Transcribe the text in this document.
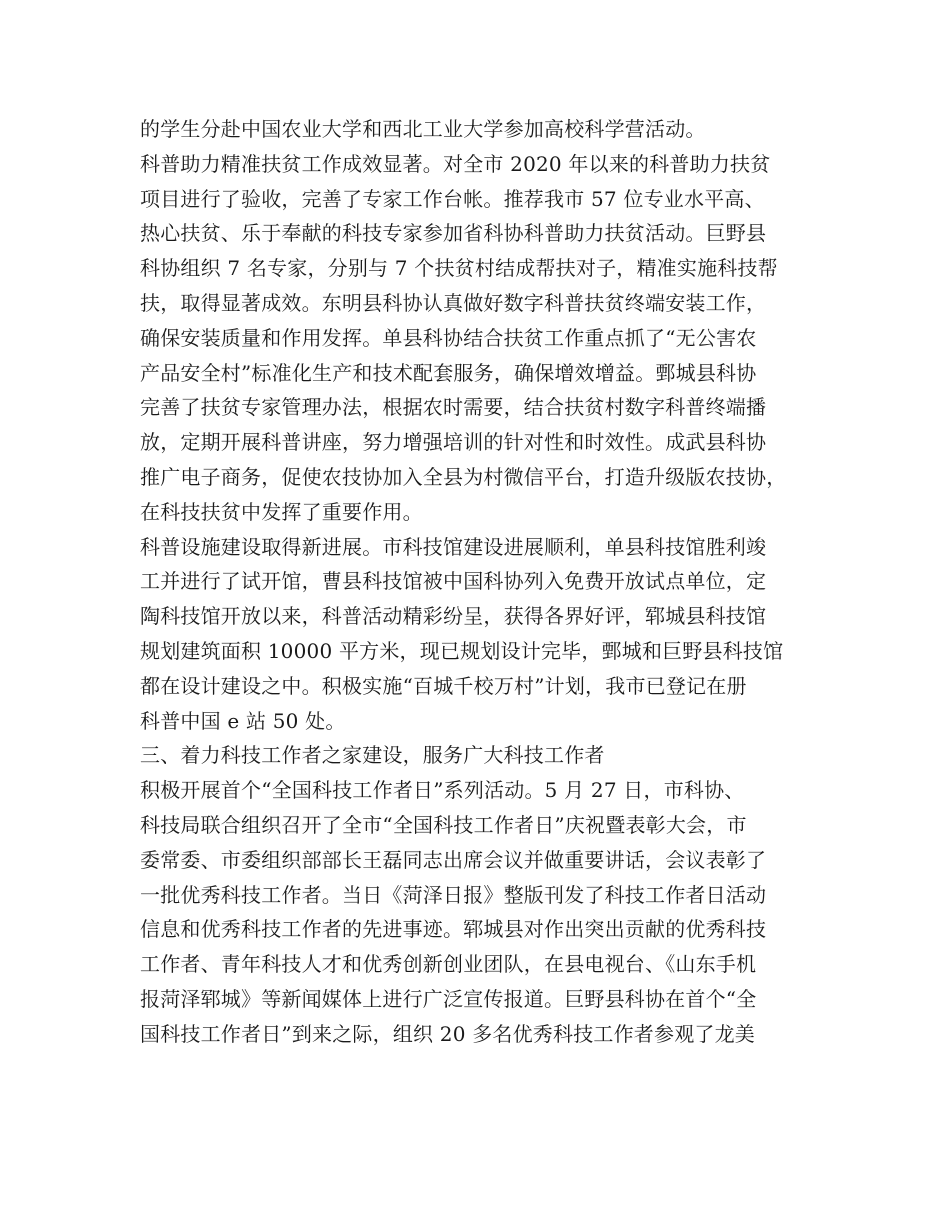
的学生分赴中国农业大学和西北工业大学参加高校科学营活动。
科普助力精准扶贫工作成效显著。对全市 2020 年以来的科普助力扶贫
项目进行了验收，完善了专家工作台帐。推荐我市 57 位专业水平高、
热心扶贫、乐于奉献的科技专家参加省科协科普助力扶贫活动。巨野县
科协组织 7 名专家，分别与 7 个扶贫村结成帮扶对子，精准实施科技帮
扶，取得显著成效。东明县科协认真做好数字科普扶贫终端安装工作，
确保安装质量和作用发挥。单县科协结合扶贫工作重点抓了“无公害农
产品安全村”标准化生产和技术配套服务，确保增效增益。鄄城县科协
完善了扶贫专家管理办法，根据农时需要，结合扶贫村数字科普终端播
放，定期开展科普讲座，努力增强培训的针对性和时效性。成武县科协
推广电子商务，促使农技协加入全县为村微信平台，打造升级版农技协，
在科技扶贫中发挥了重要作用。
科普设施建设取得新进展。市科技馆建设进展顺利，单县科技馆胜利竣
工并进行了试开馆，曹县科技馆被中国科协列入免费开放试点单位，定
陶科技馆开放以来，科普活动精彩纷呈，获得各界好评，郓城县科技馆
规划建筑面积 10000 平方米，现已规划设计完毕，鄄城和巨野县科技馆
都在设计建设之中。积极实施“百城千校万村”计划，我市已登记在册
科普中国 e 站 50 处。
三、着力科技工作者之家建设，服务广大科技工作者
积极开展首个“全国科技工作者日”系列活动。5 月 27 日，市科协、
科技局联合组织召开了全市“全国科技工作者日”庆祝暨表彰大会，市
委常委、市委组织部部长王磊同志出席会议并做重要讲话，会议表彰了
一批优秀科技工作者。当日《菏泽日报》整版刊发了科技工作者日活动
信息和优秀科技工作者的先进事迹。郓城县对作出突出贡献的优秀科技
工作者、青年科技人才和优秀创新创业团队，在县电视台、《山东手机
报菏泽郓城》等新闻媒体上进行广泛宣传报道。巨野县科协在首个“全
国科技工作者日”到来之际，组织 20 多名优秀科技工作者参观了龙美
